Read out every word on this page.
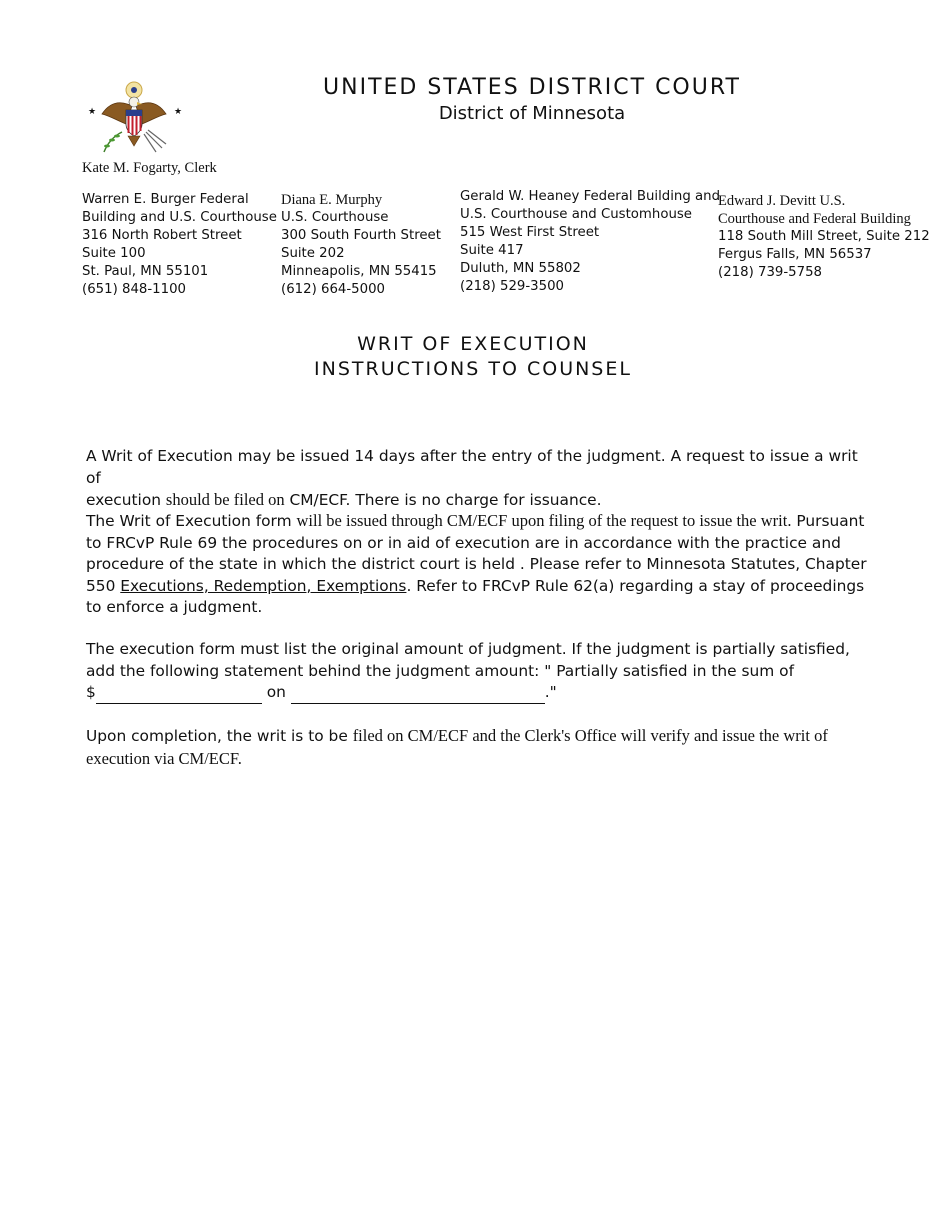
★	★
UNITED STATES DISTRICT COURT
District of Minnesota
Kate M. Fogarty, Clerk
Warren E. Burger Federal
Building and U.S. Courthouse
316 North Robert Street
Suite 100
St. Paul, MN 55101
(651) 848-1100
Diana E. Murphy
U.S. Courthouse
300 South Fourth Street
Suite 202
Minneapolis, MN 55415
(612) 664-5000
Gerald W. Heaney Federal Building and
U.S. Courthouse and Customhouse
515 West First Street
Suite 417
Duluth, MN 55802
(218) 529-3500
Edward J. Devitt U.S.
Courthouse and Federal Building
118 South Mill Street, Suite 212
Fergus Falls, MN 56537
(218) 739-5758
WRIT OF EXECUTION
INSTRUCTIONS TO COUNSEL
A Writ of Execution may be issued 14 days after the entry of the judgment. A request to issue a writ of
execution should be filed on CM/ECF. There is no charge for issuance.
The Writ of Execution form will be issued through CM/ECF upon filing of the request to issue the writ. Pursuant to FRCvP Rule 69 the procedures on or in aid of execution are in accordance with the practice and procedure of the state in which the district court is held . Please refer to Minnesota Statutes, Chapter 550 Executions, Redemption, Exemptions. Refer to FRCvP Rule 62(a) regarding a stay of proceedings to enforce a judgment.
The execution form must list the original amount of judgment. If the judgment is partially satisfied, add the following statement behind the judgment amount: " Partially satisfied in the sum of
$	on	."
Upon completion, the writ is to be filed on CM/ECF and the Clerk's Office will verify and issue the writ of execution via CM/ECF.
